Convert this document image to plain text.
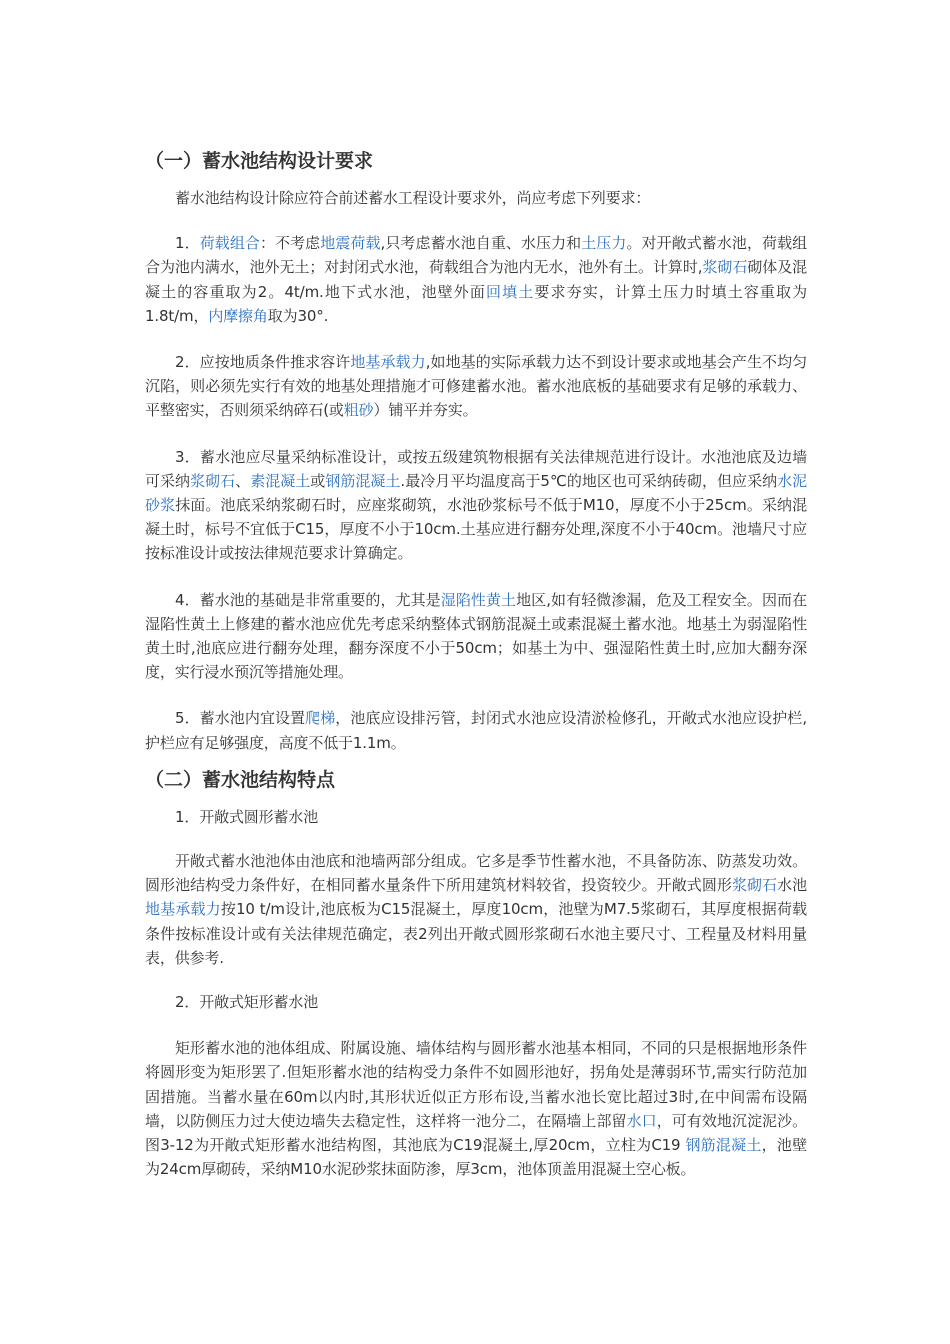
（一）蓄水池结构设计要求

蓄水池结构设计除应符合前述蓄水工程设计要求外，尚应考虑下列要求：

1．荷载组合：不考虑地震荷载,只考虑蓄水池自重、水压力和土压力。对开敞式蓄水池，荷载组合为池内满水，池外无土；对封闭式水池，荷载组合为池内无水，池外有土。计算时,浆砌石砌体及混凝土的容重取为2。4t/m.地下式水池，池壁外面回填土要求夯实，计算土压力时填土容重取为1.8t/m，内摩擦角取为30°.

2．应按地质条件推求容许地基承载力,如地基的实际承载力达不到设计要求或地基会产生不均匀沉陷，则必须先实行有效的地基处理措施才可修建蓄水池。蓄水池底板的基础要求有足够的承载力、平整密实，否则须采纳碎石(或粗砂）铺平并夯实。

3．蓄水池应尽量采纳标准设计，或按五级建筑物根据有关法律规范进行设计。水池池底及边墙可采纳浆砌石、素混凝土或钢筋混凝土.最冷月平均温度高于5℃的地区也可采纳砖砌，但应采纳水泥砂浆抹面。池底采纳浆砌石时，应座浆砌筑，水池砂浆标号不低于M10，厚度不小于25cm。采纳混凝土时，标号不宜低于C15，厚度不小于10cm.土基应进行翻夯处理,深度不小于40cm。池墙尺寸应按标准设计或按法律规范要求计算确定。

4．蓄水池的基础是非常重要的，尤其是湿陷性黄土地区,如有轻微渗漏，危及工程安全。因而在湿陷性黄土上修建的蓄水池应优先考虑采纳整体式钢筋混凝土或素混凝土蓄水池。地基土为弱湿陷性黄土时,池底应进行翻夯处理，翻夯深度不小于50cm；如基土为中、强湿陷性黄土时,应加大翻夯深度，实行浸水预沉等措施处理。

5．蓄水池内宜设置爬梯，池底应设排污管，封闭式水池应设清淤检修孔，开敞式水池应设护栏,护栏应有足够强度，高度不低于1.1m。

（二）蓄水池结构特点

1．开敞式圆形蓄水池

开敞式蓄水池池体由池底和池墙两部分组成。它多是季节性蓄水池，不具备防冻、防蒸发功效。圆形池结构受力条件好，在相同蓄水量条件下所用建筑材料较省，投资较少。开敞式圆形浆砌石水池地基承载力按10 t/m设计,池底板为C15混凝土，厚度10cm，池壁为M7.5浆砌石，其厚度根据荷载条件按标准设计或有关法律规范确定，表2列出开敞式圆形浆砌石水池主要尺寸、工程量及材料用量表，供参考.

2．开敞式矩形蓄水池

矩形蓄水池的池体组成、附属设施、墙体结构与圆形蓄水池基本相同，不同的只是根据地形条件将圆形变为矩形罢了.但矩形蓄水池的结构受力条件不如圆形池好，拐角处是薄弱环节,需实行防范加固措施。当蓄水量在60m以内时,其形状近似正方形布设,当蓄水池长宽比超过3时,在中间需布设隔墙，以防侧压力过大使边墙失去稳定性，这样将一池分二，在隔墙上部留水口，可有效地沉淀泥沙。图3-12为开敞式矩形蓄水池结构图，其池底为C19混凝土,厚20cm，立柱为C19 钢筋混凝土，池壁为24cm厚砌砖，采纳M10水泥砂浆抹面防渗，厚3cm，池体顶盖用混凝土空心板。
